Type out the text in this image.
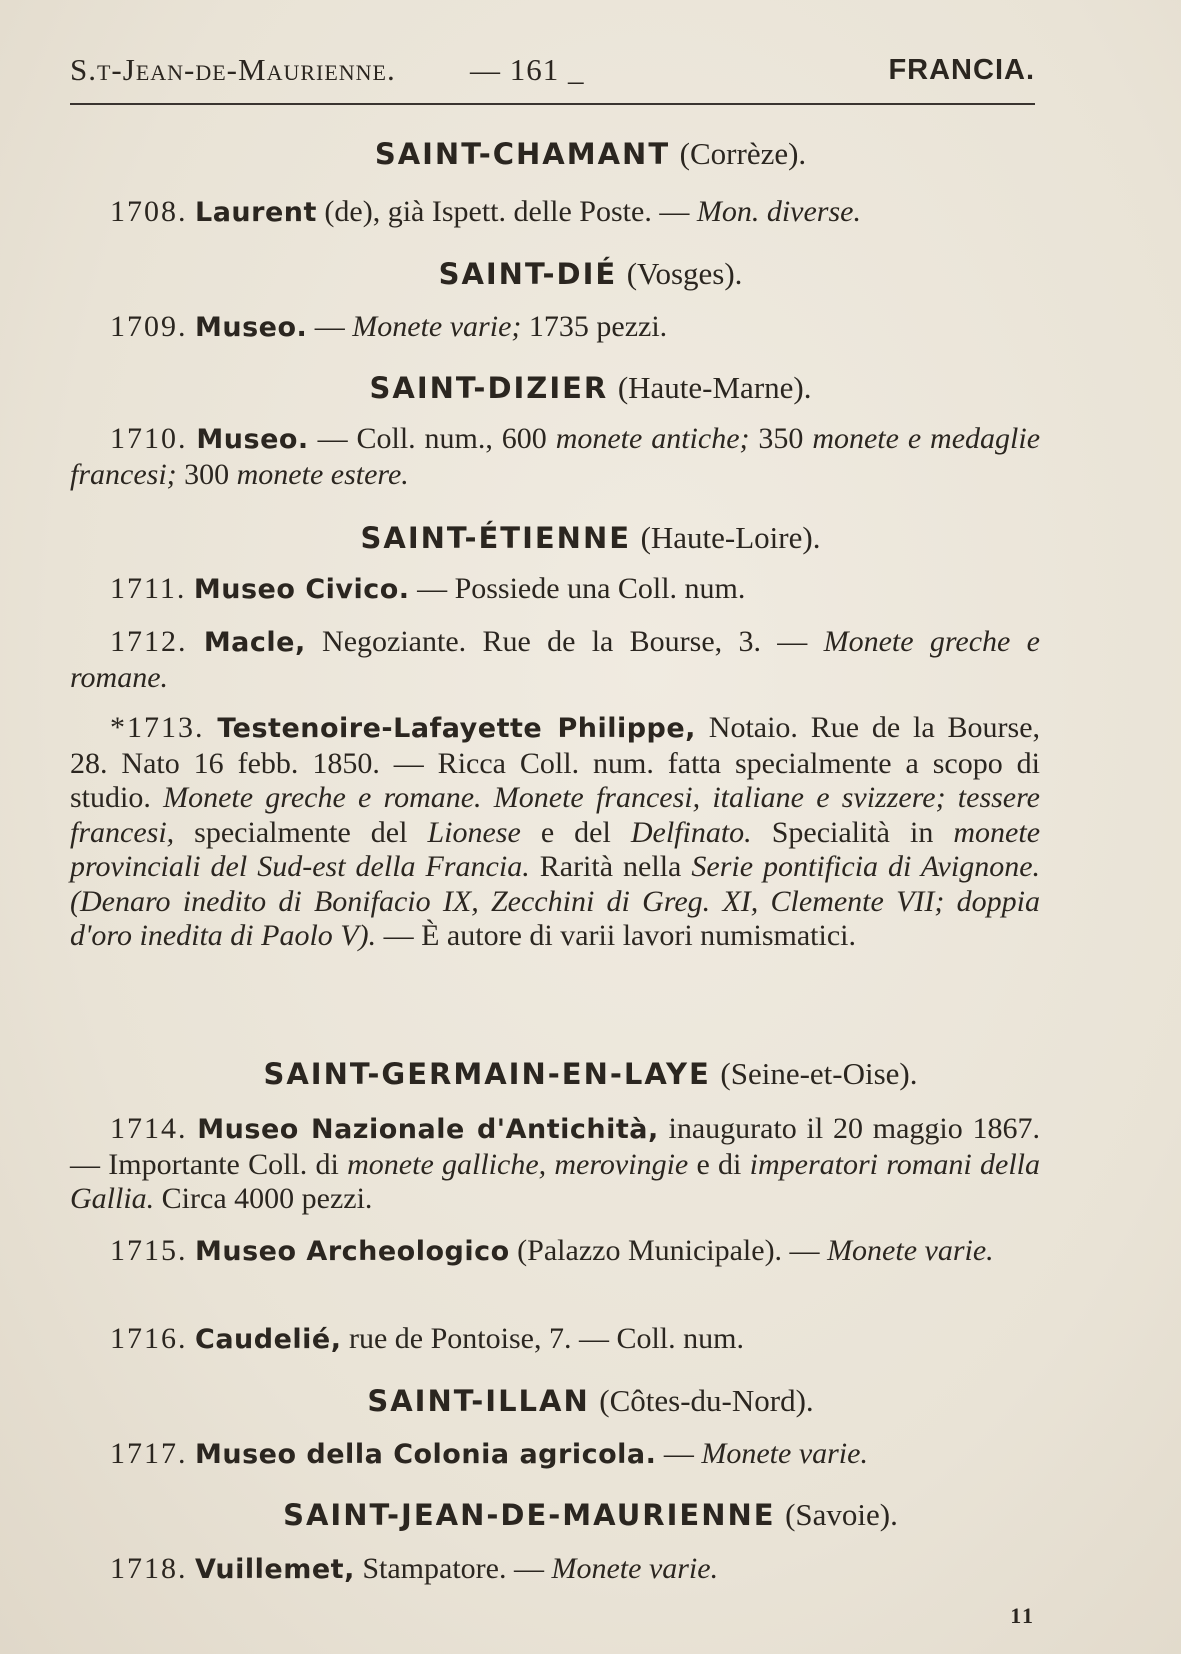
S.t-Jean-de-Maurienne. — 161 _	FRANCIA.
SAINT-CHAMANT (Corrèze).
1708. Laurent (de), già Ispett. delle Poste. — Mon. diverse.
SAINT-DIÉ (Vosges).
1709. Museo. — Monete varie; 1735 pezzi.
SAINT-DIZIER (Haute-Marne).
1710. Museo. — Coll. num., 600 monete antiche; 350 monete e medaglie francesi; 300 monete estere.
SAINT-ÉTIENNE (Haute-Loire).
1711. Museo Civico. — Possiede una Coll. num.
1712. Macle, Negoziante. Rue de la Bourse, 3. — Monete greche e romane.
*1713. Testenoire-Lafayette Philippe, Notaio. Rue de la Bourse, 28. Nato 16 febb. 1850. — Ricca Coll. num. fatta specialmente a scopo di studio. Monete greche e romane. Monete francesi, italiane e svizzere; tessere francesi, specialmente del Lionese e del Delfinato. Specialità in monete provinciali del Sud-est della Francia. Rarità nella Serie pontificia di Avignone. (Denaro inedito di Bonifacio IX, Zecchini di Greg. XI, Clemente VII; doppia d'oro inedita di Paolo V). — È autore di varii lavori numismatici.
SAINT-GERMAIN-EN-LAYE (Seine-et-Oise).
1714. Museo Nazionale d'Antichità, inaugurato il 20 maggio 1867. — Importante Coll. di monete galliche, merovingie e di imperatori romani della Gallia. Circa 4000 pezzi.
1715. Museo Archeologico (Palazzo Municipale). — Monete varie.
1716. Caudelié, rue de Pontoise, 7. — Coll. num.
SAINT-ILLAN (Côtes-du-Nord).
1717. Museo della Colonia agricola. — Monete varie.
SAINT-JEAN-DE-MAURIENNE (Savoie).
1718. Vuillemet, Stampatore. — Monete varie.
11
